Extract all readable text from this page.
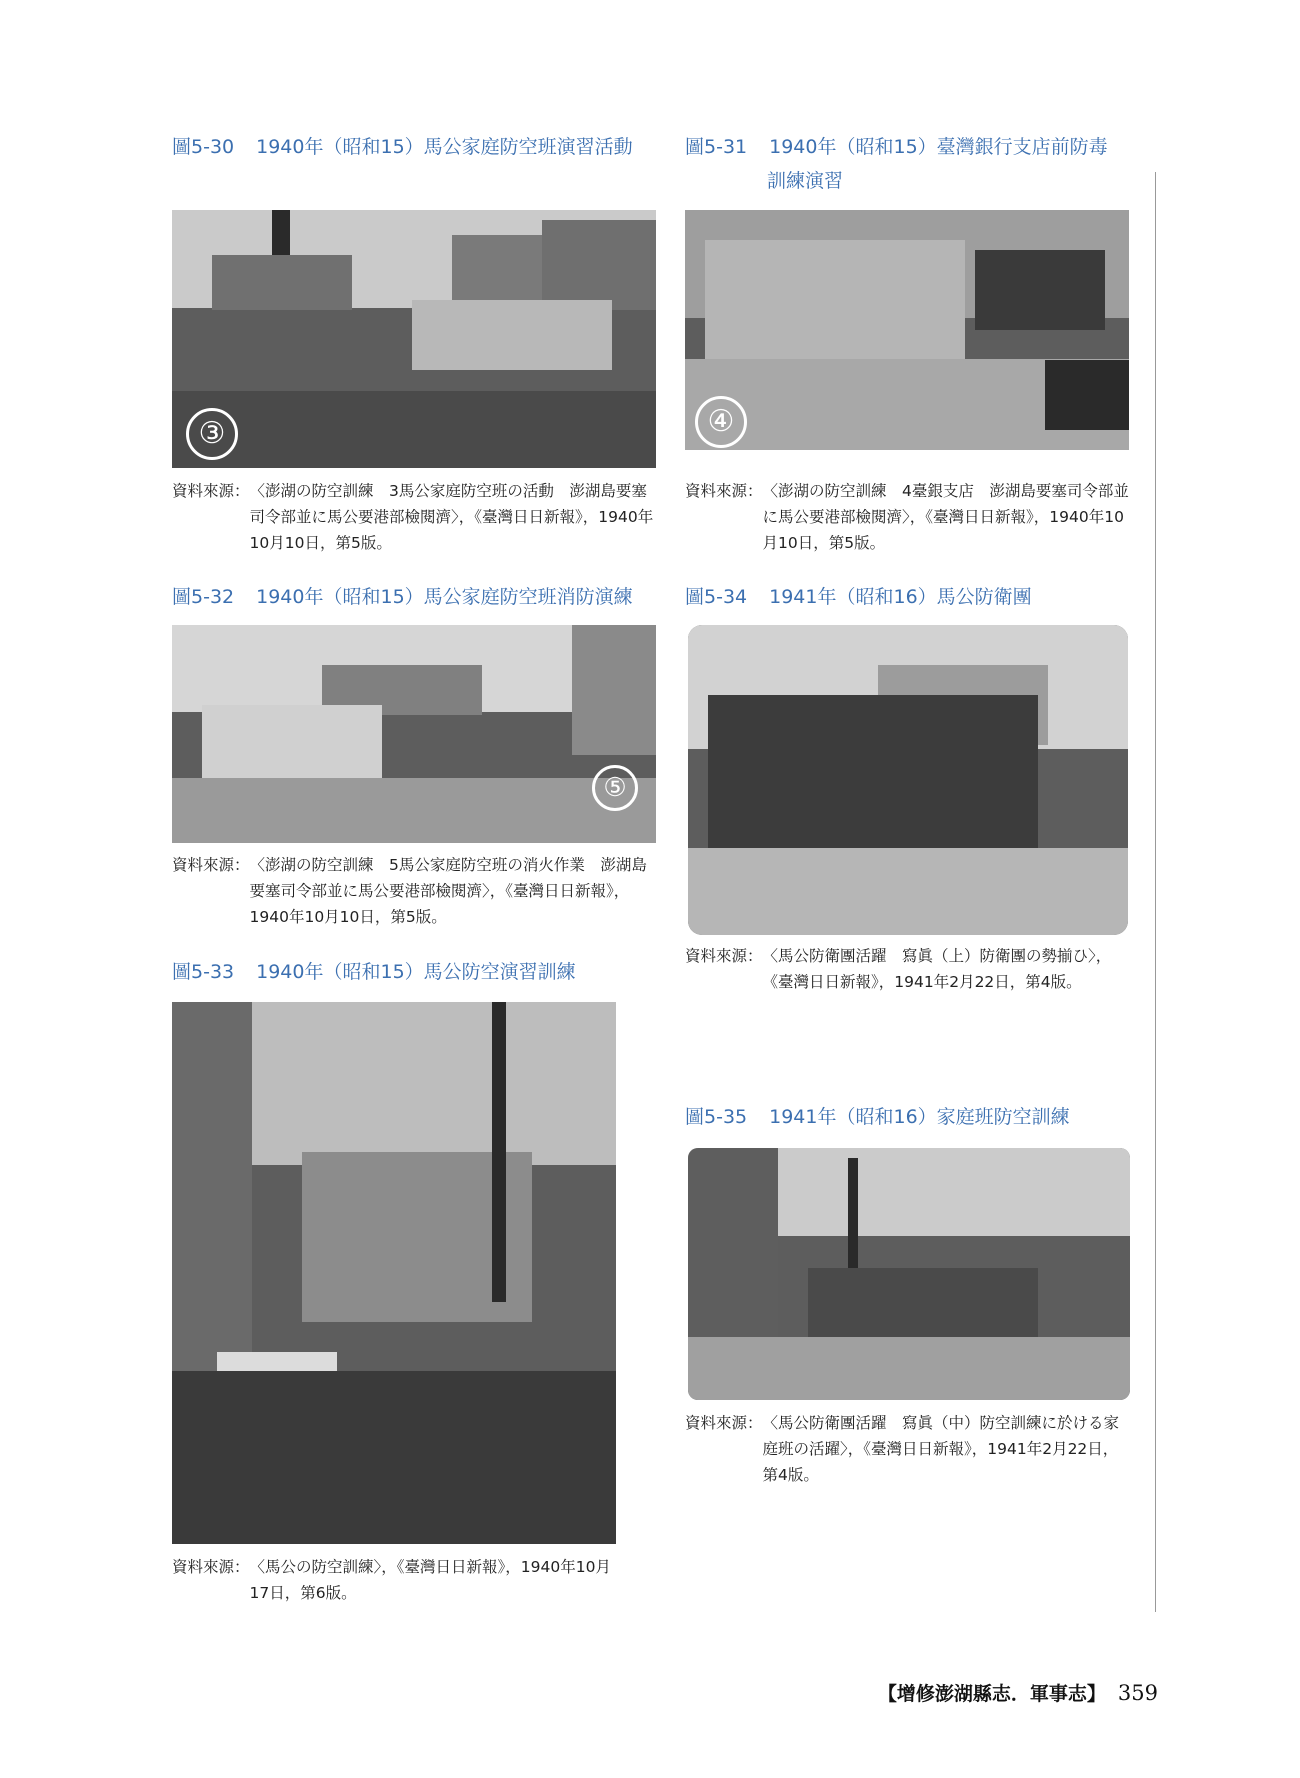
圖5-30 1940年（昭和15）馬公家庭防空班演習活動
③

資料來源： 〈澎湖の防空訓練　3馬公家庭防空班の活動　澎湖島要塞司令部並に馬公要港部檢閱濟〉，《臺灣日日新報》，1940年10月10日，第5版。

圖5-31 1940年（昭和15）臺灣銀行支店前防毒
訓練演習
④

資料來源： 〈澎湖の防空訓練　4臺銀支店　澎湖島要塞司令部並に馬公要港部檢閱濟〉，《臺灣日日新報》，1940年10月10日，第5版。

圖5-32 1940年（昭和15）馬公家庭防空班消防演練
⑤

資料來源： 〈澎湖の防空訓練　5馬公家庭防空班の消火作業　澎湖島要塞司令部並に馬公要港部檢閱濟〉，《臺灣日日新報》，1940年10月10日，第5版。

圖5-33 1940年（昭和15）馬公防空演習訓練

資料來源： 〈馬公の防空訓練〉，《臺灣日日新報》，1940年10月17日，第6版。

圖5-34 1941年（昭和16）馬公防衛團

資料來源： 〈馬公防衛團活躍　寫眞（上）防衛團の勢揃ひ〉，《臺灣日日新報》，1941年2月22日，第4版。

圖5-35 1941年（昭和16）家庭班防空訓練

資料來源： 〈馬公防衛團活躍　寫眞（中）防空訓練に於ける家庭班の活躍〉，《臺灣日日新報》，1941年2月22日，第4版。

【增修澎湖縣志．軍事志】 359
